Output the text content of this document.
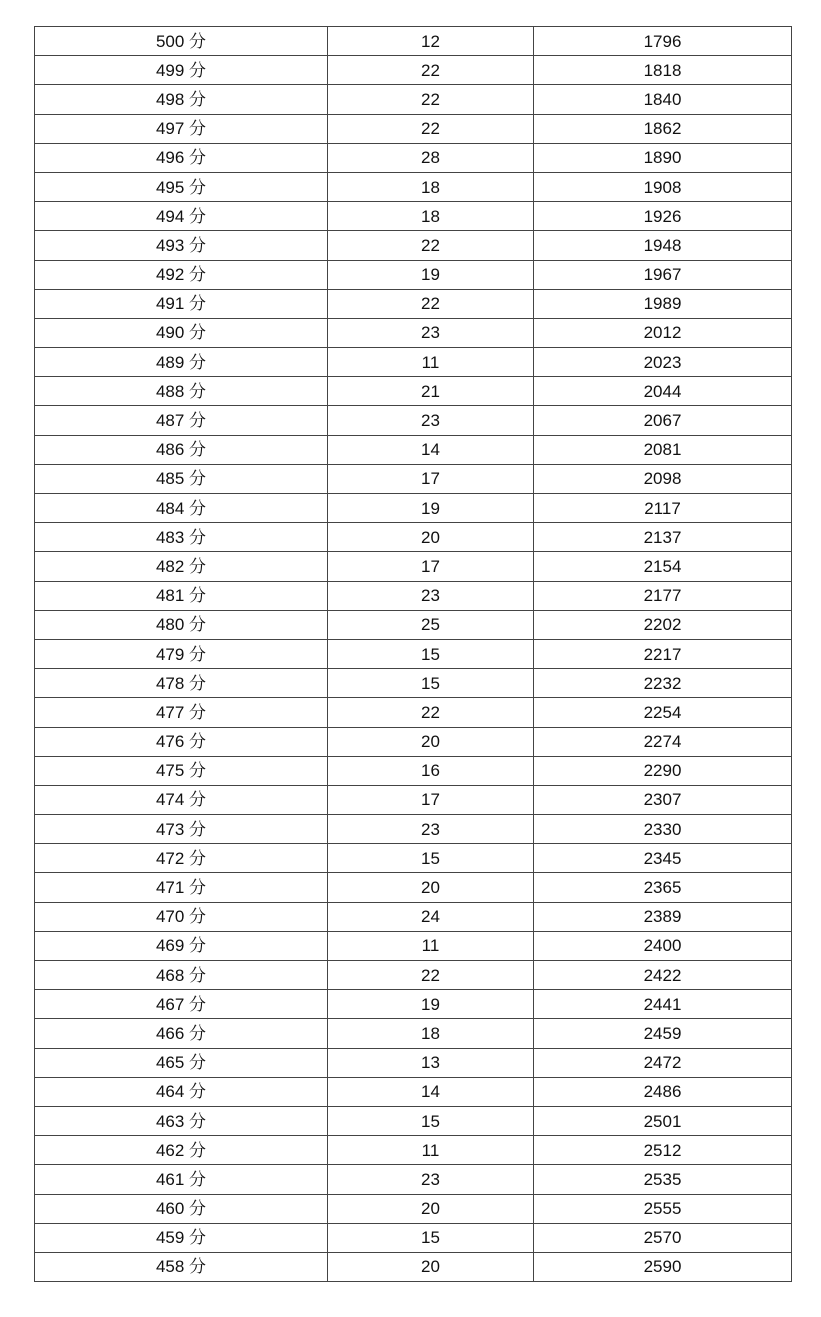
500 分	12	1796
499 分	22	1818
498 分	22	1840
497 分	22	1862
496 分	28	1890
495 分	18	1908
494 分	18	1926
493 分	22	1948
492 分	19	1967
491 分	22	1989
490 分	23	2012
489 分	11	2023
488 分	21	2044
487 分	23	2067
486 分	14	2081
485 分	17	2098
484 分	19	2117
483 分	20	2137
482 分	17	2154
481 分	23	2177
480 分	25	2202
479 分	15	2217
478 分	15	2232
477 分	22	2254
476 分	20	2274
475 分	16	2290
474 分	17	2307
473 分	23	2330
472 分	15	2345
471 分	20	2365
470 分	24	2389
469 分	11	2400
468 分	22	2422
467 分	19	2441
466 分	18	2459
465 分	13	2472
464 分	14	2486
463 分	15	2501
462 分	11	2512
461 分	23	2535
460 分	20	2555
459 分	15	2570
458 分	20	2590
